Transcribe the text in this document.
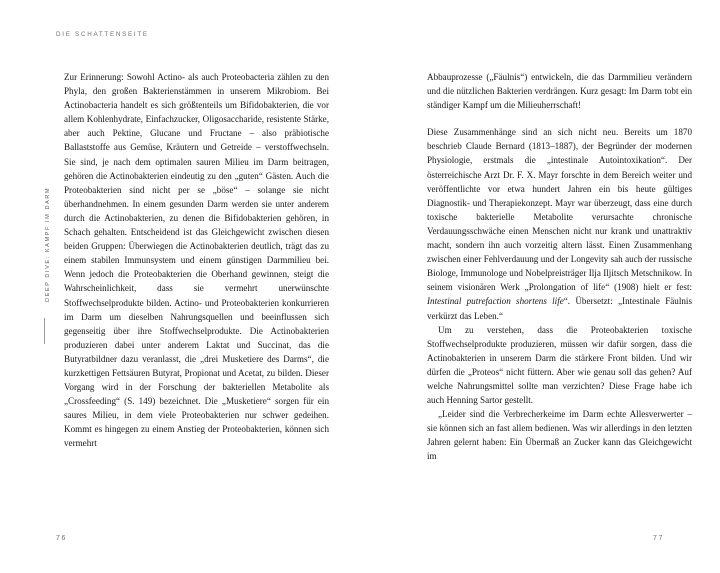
DIE SCHATTENSEITE
DEEP DIVE: KAMPF IM DARM

Zur Erinnerung: Sowohl Actino- als auch Proteobacteria zählen zu den Phyla, den großen Bakterienstämmen in unserem Mikrobiom. Bei Actinobacteria handelt es sich größtenteils um Bifidobakterien, die vor allem Kohlenhydrate, Einfachzucker, Oligosaccharide, resistente Stärke, aber auch Pektine, Glucane und Fructane – also präbiotische Ballaststoffe aus Gemüse, Kräutern und Getreide – verstoffwechseln. Sie sind, je nach dem optimalen sauren Milieu im Darm beitragen, gehören die Actinobakterien eindeutig zu den „guten“ Gästen. Auch die Proteobakterien sind nicht per se „böse“ – solange sie nicht überhandnehmen. In einem gesunden Darm werden sie unter anderem durch die Actinobakterien, zu denen die Bifidobakterien gehören, in Schach gehalten. Entscheidend ist das Gleichgewicht zwischen diesen beiden Gruppen: Überwiegen die Actinobakterien deutlich, trägt das zu einem stabilen Immunsystem und einem günstigen Darmmilieu bei. Wenn jedoch die Proteobakterien die Oberhand gewinnen, steigt die Wahrscheinlichkeit, dass sie vermehrt unerwünschte Stoffwechselprodukte bilden. Actino- und Proteobakterien konkurrieren im Darm um dieselben Nahrungsquellen und beeinflussen sich gegenseitig über ihre Stoffwechselprodukte. Die Actinobakterien produzieren dabei unter anderem Laktat und Succinat, das die Butyratbildner dazu veranlasst, die „drei Musketiere des Darms“, die kurzkettigen Fettsäuren Butyrat, Propionat und Acetat, zu bilden. Dieser Vorgang wird in der Forschung der bakteriellen Metabolite als „Crossfeeding“ (S. 149) bezeichnet. Die „Musketiere“ sorgen für ein saures Milieu, in dem viele Proteobakterien nur schwer gedeihen. Kommt es hingegen zu einem Anstieg der Proteobakterien, können sich vermehrt

Abbauprozesse („Fäulnis“) entwickeln, die das Darmmilieu verändern und die nützlichen Bakterien verdrängen. Kurz gesagt: Im Darm tobt ein ständiger Kampf um die Milieuherrschaft!

Diese Zusammenhänge sind an sich nicht neu. Bereits um 1870 beschrieb Claude Bernard (1813–1887), der Begründer der modernen Physiologie, erstmals die „intestinale Autointoxikation“. Der österreichische Arzt Dr. F. X. Mayr forschte in dem Bereich weiter und veröffentlichte vor etwa hundert Jahren ein bis heute gültiges Diagnostik- und Therapiekonzept. Mayr war überzeugt, dass eine durch toxische bakterielle Metabolite verursachte chronische Verdauungsschwäche einen Menschen nicht nur krank und unattraktiv macht, sondern ihn auch vorzeitig altern lässt. Einen Zusammenhang zwischen einer Fehlverdauung und der Longevity sah auch der russische Biologe, Immunologe und Nobelpreisträger Ilja Iljitsch Metschnikow. In seinem visionären Werk „Prolongation of life“ (1908) hielt er fest: Intestinal putrefaction shortens life“. Übersetzt: „Intestinale Fäulnis verkürzt das Leben.“

Um zu verstehen, dass die Proteobakterien toxische Stoffwechselprodukte produzieren, müssen wir dafür sorgen, dass die Actinobakterien in unserem Darm die stärkere Front bilden. Und wir dürfen die „Proteos“ nicht füttern. Aber wie genau soll das gehen? Auf welche Nahrungsmittel sollte man verzichten? Diese Frage habe ich auch Henning Sartor gestellt.

„Leider sind die Verbrecherkeime im Darm echte Allesverwerter – sie können sich an fast allem bedienen. Was wir allerdings in den letzten Jahren gelernt haben: Ein Übermaß an Zucker kann das Gleichgewicht im

76	77
